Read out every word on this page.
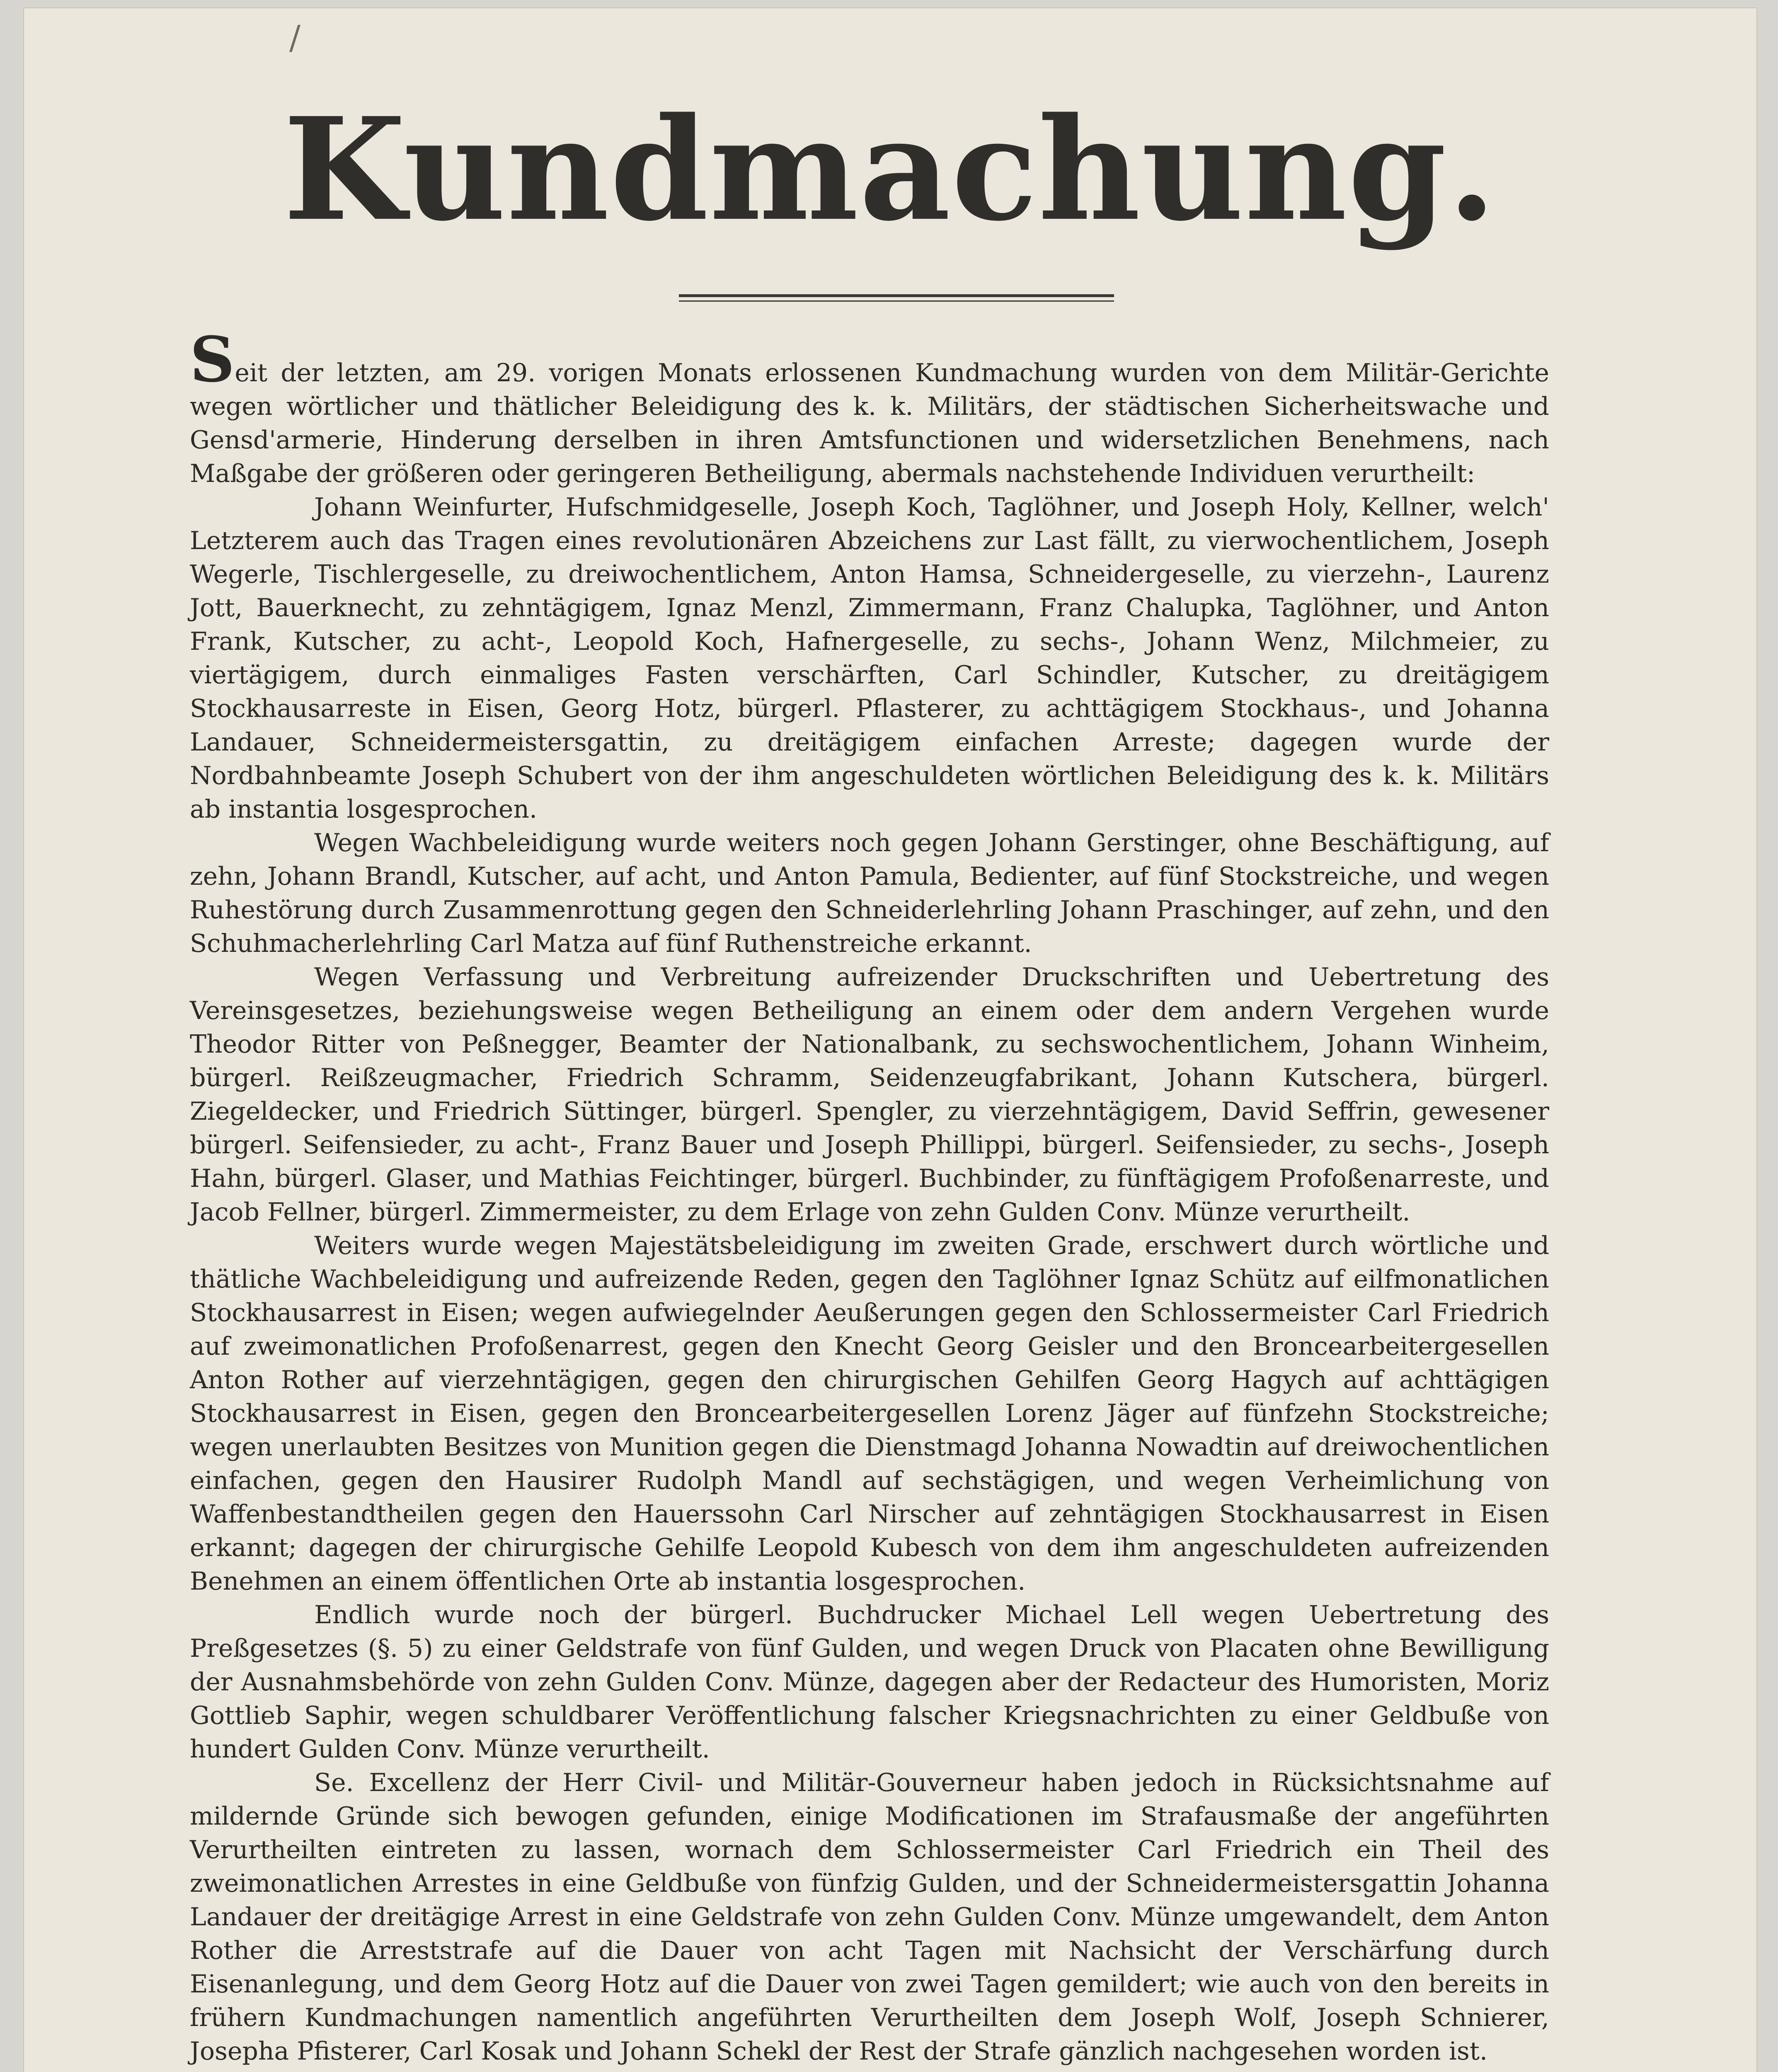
/
Kundmachung.

Seit der letzten, am 29. vorigen Monats erlossenen Kundmachung wurden von dem Militär-Gerichte wegen wörtlicher und thätlicher Beleidigung des k. k. Militärs, der städtischen Sicherheitswache und Gensd'armerie, Hinderung derselben in ihren Amtsfunctionen und widersetzlichen Benehmens, nach Maßgabe der größeren oder geringeren Betheiligung, abermals nachstehende Individuen verurtheilt:

Johann Weinfurter, Hufschmidgeselle, Joseph Koch, Taglöhner, und Joseph Holy, Kellner, welch' Letzterem auch das Tragen eines revolutionären Abzeichens zur Last fällt, zu vierwochentlichem, Joseph Wegerle, Tischlergeselle, zu dreiwochentlichem, Anton Hamsa, Schneidergeselle, zu vierzehn-, Laurenz Jott, Bauerknecht, zu zehntägigem, Ignaz Menzl, Zimmermann, Franz Chalupka, Taglöhner, und Anton Frank, Kutscher, zu acht-, Leopold Koch, Hafnergeselle, zu sechs-, Johann Wenz, Milchmeier, zu viertägigem, durch einmaliges Fasten verschärften, Carl Schindler, Kutscher, zu dreitägigem Stockhausarreste in Eisen, Georg Hotz, bürgerl. Pflasterer, zu achttägigem Stockhaus-, und Johanna Landauer, Schneidermeistersgattin, zu dreitägigem einfachen Arreste; dagegen wurde der Nordbahnbeamte Joseph Schubert von der ihm angeschuldeten wörtlichen Beleidigung des k. k. Militärs ab instantia losgesprochen.

Wegen Wachbeleidigung wurde weiters noch gegen Johann Gerstinger, ohne Beschäftigung, auf zehn, Johann Brandl, Kutscher, auf acht, und Anton Pamula, Bedienter, auf fünf Stockstreiche, und wegen Ruhestörung durch Zusammenrottung gegen den Schneiderlehrling Johann Praschinger, auf zehn, und den Schuhmacherlehrling Carl Matza auf fünf Ruthenstreiche erkannt.

Wegen Verfassung und Verbreitung aufreizender Druckschriften und Uebertretung des Vereinsgesetzes, beziehungsweise wegen Betheiligung an einem oder dem andern Vergehen wurde Theodor Ritter von Peßnegger, Beamter der Nationalbank, zu sechswochentlichem, Johann Winheim, bürgerl. Reißzeugmacher, Friedrich Schramm, Seidenzeugfabrikant, Johann Kutschera, bürgerl. Ziegeldecker, und Friedrich Süttinger, bürgerl. Spengler, zu vierzehntägigem, David Seffrin, gewesener bürgerl. Seifensieder, zu acht-, Franz Bauer und Joseph Phillippi, bürgerl. Seifensieder, zu sechs-, Joseph Hahn, bürgerl. Glaser, und Mathias Feichtinger, bürgerl. Buchbinder, zu fünftägigem Profoßenarreste, und Jacob Fellner, bürgerl. Zimmermeister, zu dem Erlage von zehn Gulden Conv. Münze verurtheilt.

Weiters wurde wegen Majestätsbeleidigung im zweiten Grade, erschwert durch wörtliche und thätliche Wachbeleidigung und aufreizende Reden, gegen den Taglöhner Ignaz Schütz auf eilfmonatlichen Stockhausarrest in Eisen; wegen aufwiegelnder Aeußerungen gegen den Schlossermeister Carl Friedrich auf zweimonatlichen Profoßenarrest, gegen den Knecht Georg Geisler und den Broncearbeitergesellen Anton Rother auf vierzehntägigen, gegen den chirurgischen Gehilfen Georg Hagych auf achttägigen Stockhausarrest in Eisen, gegen den Broncearbeitergesellen Lorenz Jäger auf fünfzehn Stockstreiche; wegen unerlaubten Besitzes von Munition gegen die Dienstmagd Johanna Nowadtin auf dreiwochentlichen einfachen, gegen den Hausirer Rudolph Mandl auf sechstägigen, und wegen Verheimlichung von Waffenbestandtheilen gegen den Hauerssohn Carl Nirscher auf zehntägigen Stockhausarrest in Eisen erkannt; dagegen der chirurgische Gehilfe Leopold Kubesch von dem ihm angeschuldeten aufreizenden Benehmen an einem öffentlichen Orte ab instantia losgesprochen.

Endlich wurde noch der bürgerl. Buchdrucker Michael Lell wegen Uebertretung des Preßgesetzes (§. 5) zu einer Geldstrafe von fünf Gulden, und wegen Druck von Placaten ohne Bewilligung der Ausnahmsbehörde von zehn Gulden Conv. Münze, dagegen aber der Redacteur des Humoristen, Moriz Gottlieb Saphir, wegen schuldbarer Veröffentlichung falscher Kriegsnachrichten zu einer Geldbuße von hundert Gulden Conv. Münze verurtheilt.

Se. Excellenz der Herr Civil- und Militär-Gouverneur haben jedoch in Rücksichtsnahme auf mildernde Gründe sich bewogen gefunden, einige Modificationen im Strafausmaße der angeführten Verurtheilten eintreten zu lassen, wornach dem Schlossermeister Carl Friedrich ein Theil des zweimonatlichen Arrestes in eine Geldbuße von fünfzig Gulden, und der Schneidermeistersgattin Johanna Landauer der dreitägige Arrest in eine Geldstrafe von zehn Gulden Conv. Münze umgewandelt, dem Anton Rother die Arreststrafe auf die Dauer von acht Tagen mit Nachsicht der Verschärfung durch Eisenanlegung, und dem Georg Hotz auf die Dauer von zwei Tagen gemildert; wie auch von den bereits in frühern Kundmachungen namentlich angeführten Verurtheilten dem Joseph Wolf, Joseph Schnierer, Josepha Pfisterer, Carl Kosak und Johann Schekl der Rest der Strafe gänzlich nachgesehen worden ist.
